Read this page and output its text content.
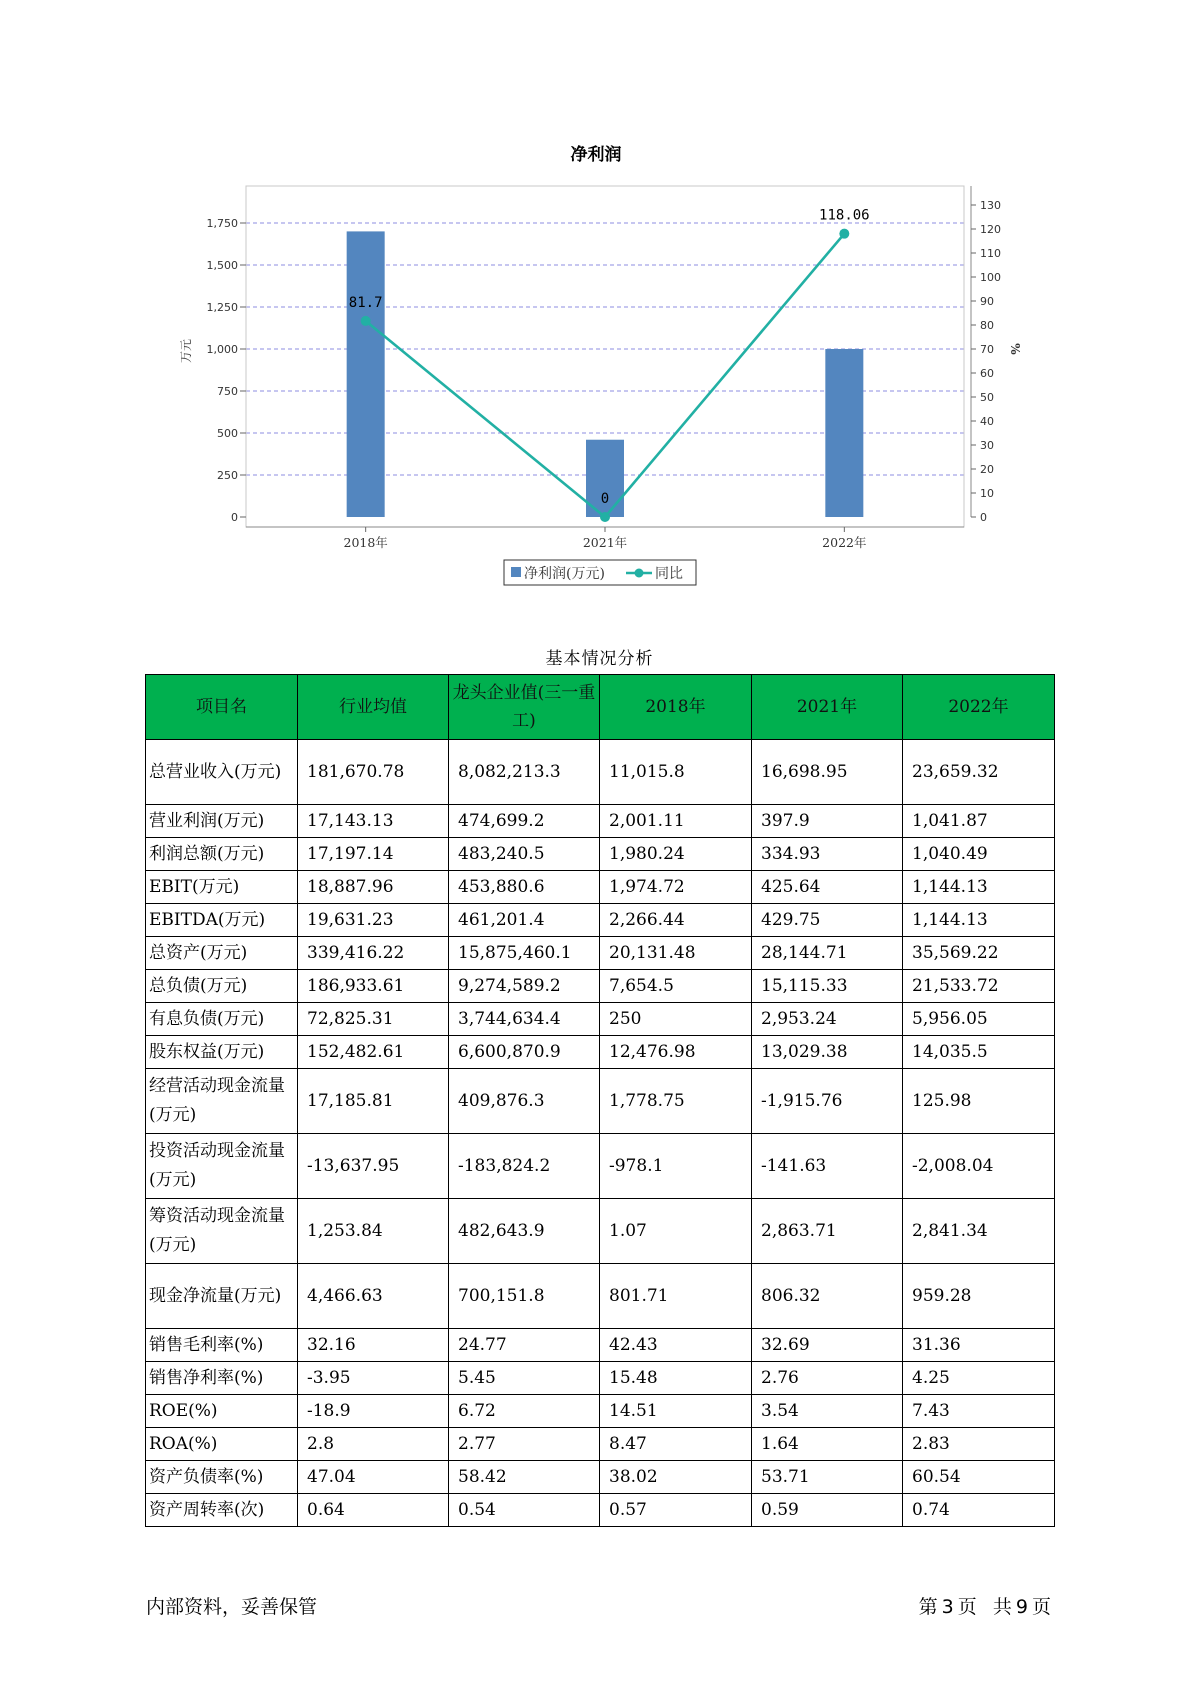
净利润
81.7
0
118.06
0
250
500
750
1,000
1,250
1,500
1,750
0
10
20
30
40
50
60
70
80
90
100
110
120
130
万元	%
2018年	2021年	2022年
净利润(万元)	同比
基本情况分析
项目名	行业均值	龙头企业值(三一重工)	2018年	2021年	2022年
总营业收入(万元)	181,670.78	8,082,213.3	11,015.8	16,698.95	23,659.32
营业利润(万元)	17,143.13	474,699.2	2,001.11	397.9	1,041.87
利润总额(万元)	17,197.14	483,240.5	1,980.24	334.93	1,040.49
EBIT(万元)	18,887.96	453,880.6	1,974.72	425.64	1,144.13
EBITDA(万元)	19,631.23	461,201.4	2,266.44	429.75	1,144.13
总资产(万元)	339,416.22	15,875,460.1	20,131.48	28,144.71	35,569.22
总负债(万元)	186,933.61	9,274,589.2	7,654.5	15,115.33	21,533.72
有息负债(万元)	72,825.31	3,744,634.4	250	2,953.24	5,956.05
股东权益(万元)	152,482.61	6,600,870.9	12,476.98	13,029.38	14,035.5
经营活动现金流量(万元)	17,185.81	409,876.3	1,778.75	-1,915.76	125.98
投资活动现金流量(万元)	-13,637.95	-183,824.2	-978.1	-141.63	-2,008.04
筹资活动现金流量(万元)	1,253.84	482,643.9	1.07	2,863.71	2,841.34
现金净流量(万元)	4,466.63	700,151.8	801.71	806.32	959.28
销售毛利率(%)	32.16	24.77	42.43	32.69	31.36
销售净利率(%)	-3.95	5.45	15.48	2.76	4.25
ROE(%)	-18.9	6.72	14.51	3.54	7.43
ROA(%)	2.8	2.77	8.47	1.64	2.83
资产负债率(%)	47.04	58.42	38.02	53.71	60.54
资产周转率(次)	0.64	0.54	0.57	0.59	0.74
内部资料，妥善保管	第 3 页 共 9 页
